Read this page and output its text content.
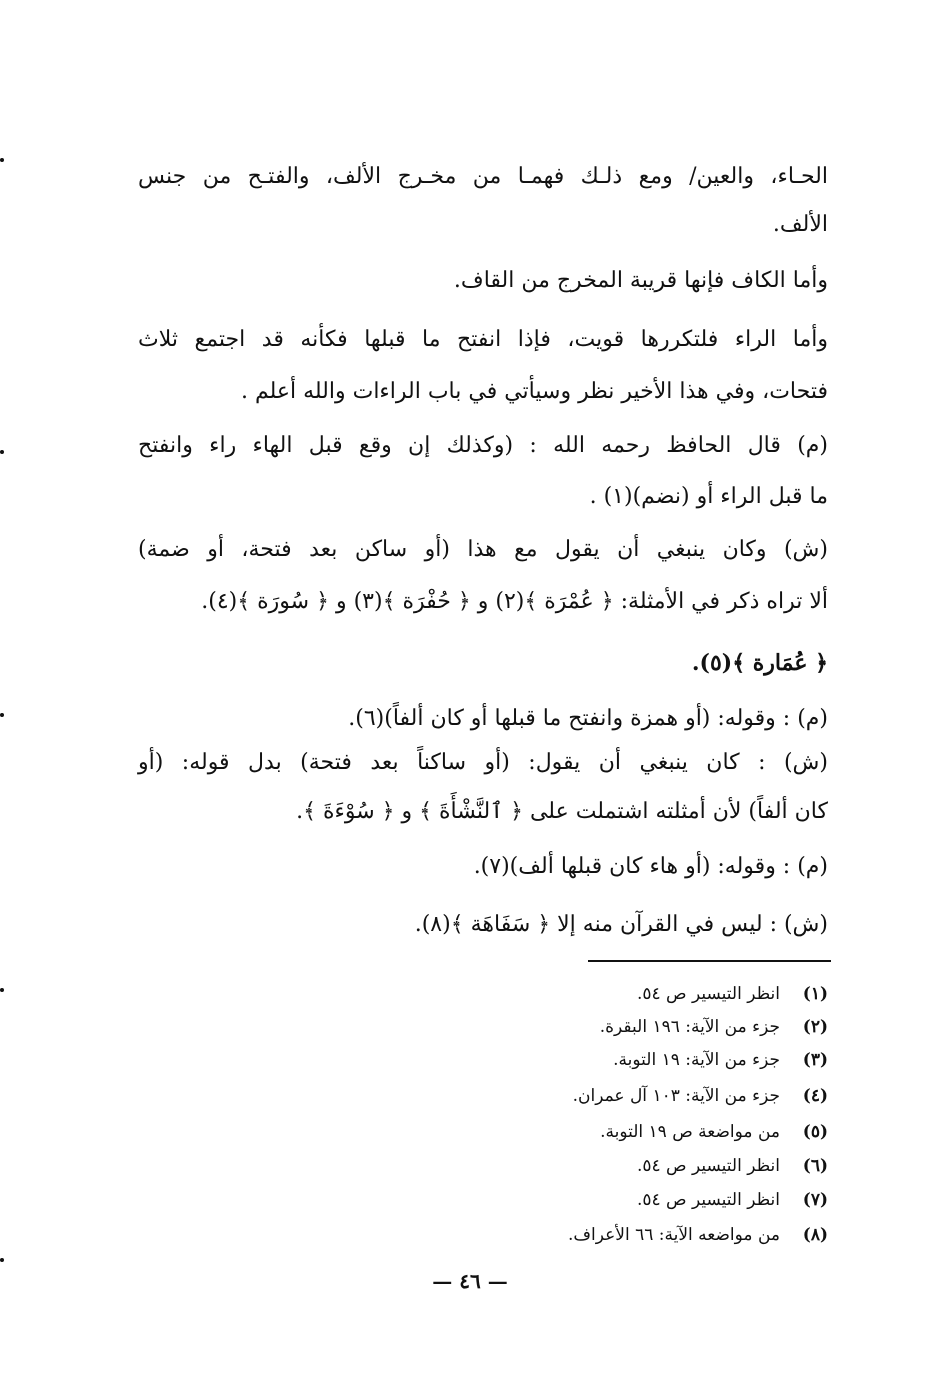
الحـاء، والعين/ ومع ذلـك فهمـا من مخـرج الألف، والفتـح من جنس
الألف.
وأما الكاف فإنها قريبة المخرج من القاف.
وأما الراء فلتكررها قويت، فإذا انفتح ما قبلها فكأنه قد اجتمع ثلاث
فتحات، وفي هذا الأخير نظر وسيأتي في باب الراءات والله أعلم .
(م) قال الحافظ رحمه الله : (وكذلك إن وقع قبل الهاء راء وانفتح
ما قبل الراء أو (نضم)(١) .
(ش) وكان ينبغي أن يقول مع هذا (أو ساكن بعد فتحة، أو ضمة)
ألا تراه ذكر في الأمثلة: ﴿ عُمْرَة ﴾(٢) و ﴿ حُفْرَة ﴾(٣) و ﴿ سُورَة ﴾(٤).
﴿ عُمَارة ﴾(٥).
(م) : وقوله: (أو همزة وانفتح ما قبلها أو كان ألفاً)(٦).
(ش) : كان ينبغي أن يقول: (أو ساكناً بعد فتحة) بدل قوله: (أو
كان ألفاً) لأن أمثلته اشتملت على ﴿ ٱلنَّشْأَةَ ﴾ و ﴿ سُوْءَةَ ﴾.
(م) : وقوله: (أو هاء كان قبلها ألف)(٧).
(ش) : ليس في القرآن منه إلا ﴿ سَفَاهَة ﴾(٨).
(١)انظر التيسير ص ٥٤.
(٢)جزء من الآية: ١٩٦ البقرة.
(٣)جزء من الآية: ١٩ التوبة.
(٤)جزء من الآية: ١٠٣ آل عمران.
(٥)من مواضعة ص ١٩ التوبة.
(٦)انظر التيسير ص ٥٤.
(٧)انظر التيسير ص ٥٤.
(٨)من مواضعه الآية: ٦٦ الأعراف.
— ٤٦ —
